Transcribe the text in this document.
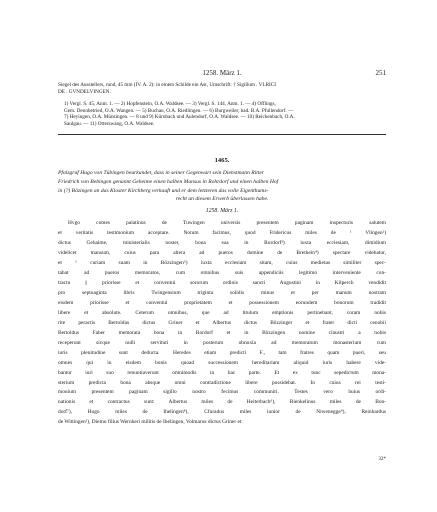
1258. März 1.	251
Siegel des Ausstellers, rund, 45 mm (IV. A. 2): in einem Schilde ein Ast, Umschrift: † Sigillum . VLRICI
DE . GVNDELVINGEN.
1) Vergl. S. 45, Anm. 1. — 2) Hopfenstein, O.A. Waldsee. — 3) Vergl. S. 144, Anm. 1. — 4) Offlings,
Gem. Dennbetried, O.A. Wangen. — 5) Buchau, O.A. Riedlingen. — 6) Burgweiler, bad. B.A. Pfullendorf. —
7) Heyingen, O.A. Münsingen. — 8 und 9) Kürnbach und Aulendorf, O.A. Waldsee. — 10) Reichenbach, O.A.
Saulgau. — 11) Otterswang, O.A. Waldsee.
1465.
Pfalzgraf Hugo von Tübingen beurkundet, dass in seiner Gegenwart sein Dienstmann Ritter
Friedrich von Bebingen genannt Geheime einen halben Mansus in Rohrdorf und einen halben Hof
in (?) Bözingen an das Kloster Kirchberg verkauft und er dem letzteren das volle Eigenthums-
recht an diesem Erwerb überlassen habe.
1258. März 1.
Hvgo comes palatinus de Tuwingen universis presentem paginam inspecturis salutem
et veritatis testimonium acceptare. Notum facimus, quod Fridericus miles de ¹ Vlingen²)
dictus Gehaime, ministerialis noster, bona sua in Rordorf³) iuxta ecclesiam, dimidium
videlicet mansum, cuius para altera ad pueros domine de Brethein⁴) spectare videbatur,
et ¹ curiam suam in Bözzingen⁵) iuxta ecclesiam sitam, cuius medietas similiter spec-
tabat ad pueros memoratos, cum omnibus suis appendiciis legitimo interveniente con-
tractu || priorisse et conventui sororum ordinis sancti Augustini in Kilperch vendidit
pro septuaginta libris Twingensium triginta solidis minus et per manum nostram
eisdem priorisse et conventui proprietatem et possessionem eorundem bonorum tradidit
libere et absolute. Ceterum omnibus, que ad titulum emptionis pertinebant, coram nobis
rite peractis Bertoldus dictus Griner et Albertus dictus Bözzinger et frater dicti cenobii
Bertoldus Faber memorata bona in Rordorf et in Bözzingen nomine claustri a nobis
receperunt sicque nulli servituti in posterum obnoxia ad memoratum monasterium cum
iuris plenitudine sunt deducta. Heredes etiam predicti F., tam fratres quam pueri, seu
omnes qui in eisdem bonis quoad successionem hereditariam aliquid iuris habere vide-
bantur iuri suo renuntiaverunt omnimodis in hac parte. Et ex tunc sepedictum mona-
sterium predicta bona absque omni contradictione libere possidebat. In cuius rei testi-
monium presentem paginam sigillo nostro fecimus communiri. Testes vero huius ordi-
nationis et contractus sunt: Albertus miles de Heiterbach⁶), Bienkelinus miles de Bon-
dorf⁷), Hugo miles de Ihelingen⁸), Cfuradus miles iunior de Niwenegge⁹), Reinhardus
de Wittingen¹), Diemo filius Wernheri militis de Ihelingen, Volmarus dictus Griner et
32*
